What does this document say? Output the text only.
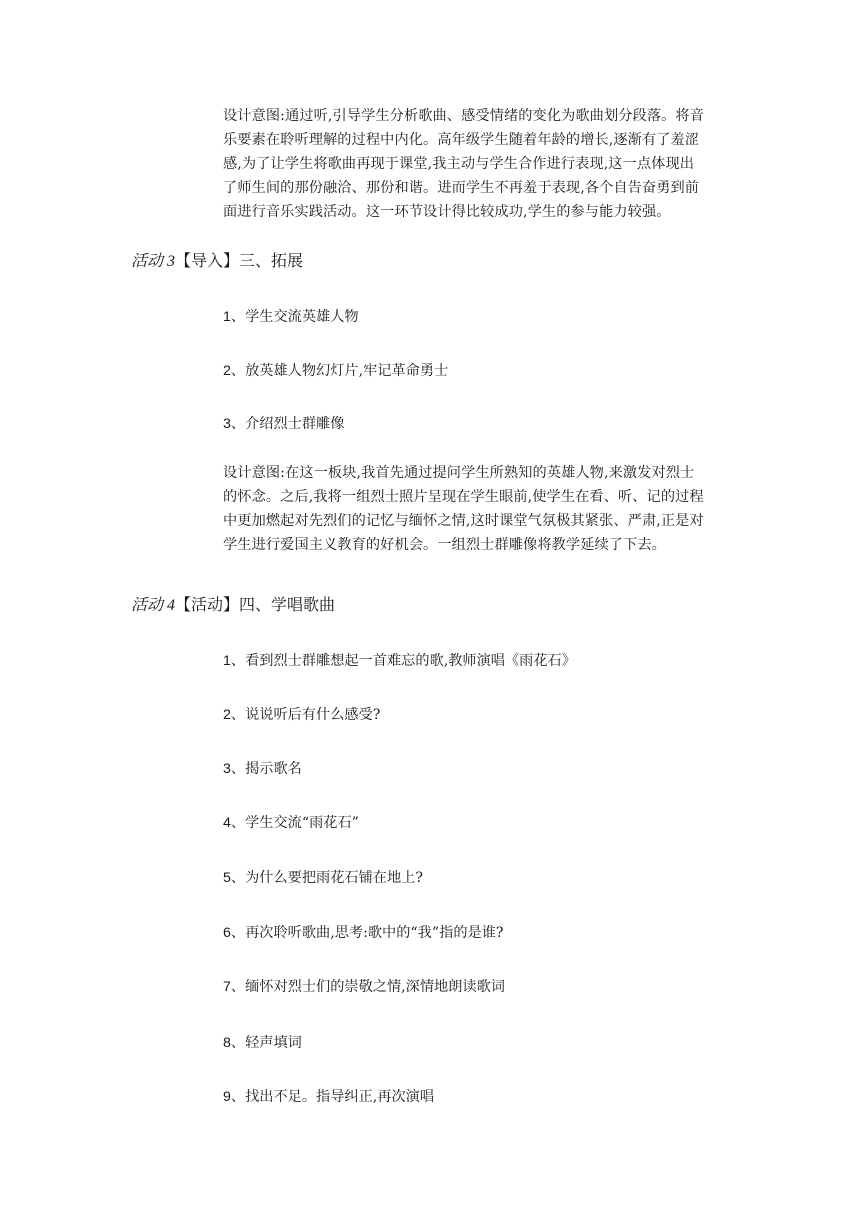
设计意图:通过听,引导学生分析歌曲、感受情绪的变化为歌曲划分段落。将音
乐要素在聆听理解的过程中内化。高年级学生随着年龄的增长,逐渐有了羞涩
感,为了让学生将歌曲再现于课堂,我主动与学生合作进行表现,这一点体现出
了师生间的那份融洽、那份和谐。进而学生不再羞于表现,各个自告奋勇到前
面进行音乐实践活动。这一环节设计得比较成功,学生的参与能力较强。

活动 3【导入】三、拓展

1、学生交流英雄人物

2、放英雄人物幻灯片,牢记革命勇士

3、介绍烈士群雕像

设计意图:在这一板块,我首先通过提问学生所熟知的英雄人物,来激发对烈士
的怀念。之后,我将一组烈士照片呈现在学生眼前,使学生在看、听、记的过程
中更加燃起对先烈们的记忆与缅怀之情,这时课堂气氛极其紧张、严肃,正是对
学生进行爱国主义教育的好机会。一组烈士群雕像将教学延续了下去。

活动 4【活动】四、学唱歌曲

1、看到烈士群雕想起一首难忘的歌,教师演唱《雨花石》

2、说说听后有什么感受?

3、揭示歌名

4、学生交流“雨花石”

5、为什么要把雨花石铺在地上?

6、再次聆听歌曲,思考:歌中的“我”指的是谁?

7、缅怀对烈士们的崇敬之情,深情地朗读歌词

8、轻声填词

9、找出不足。指导纠正,再次演唱
